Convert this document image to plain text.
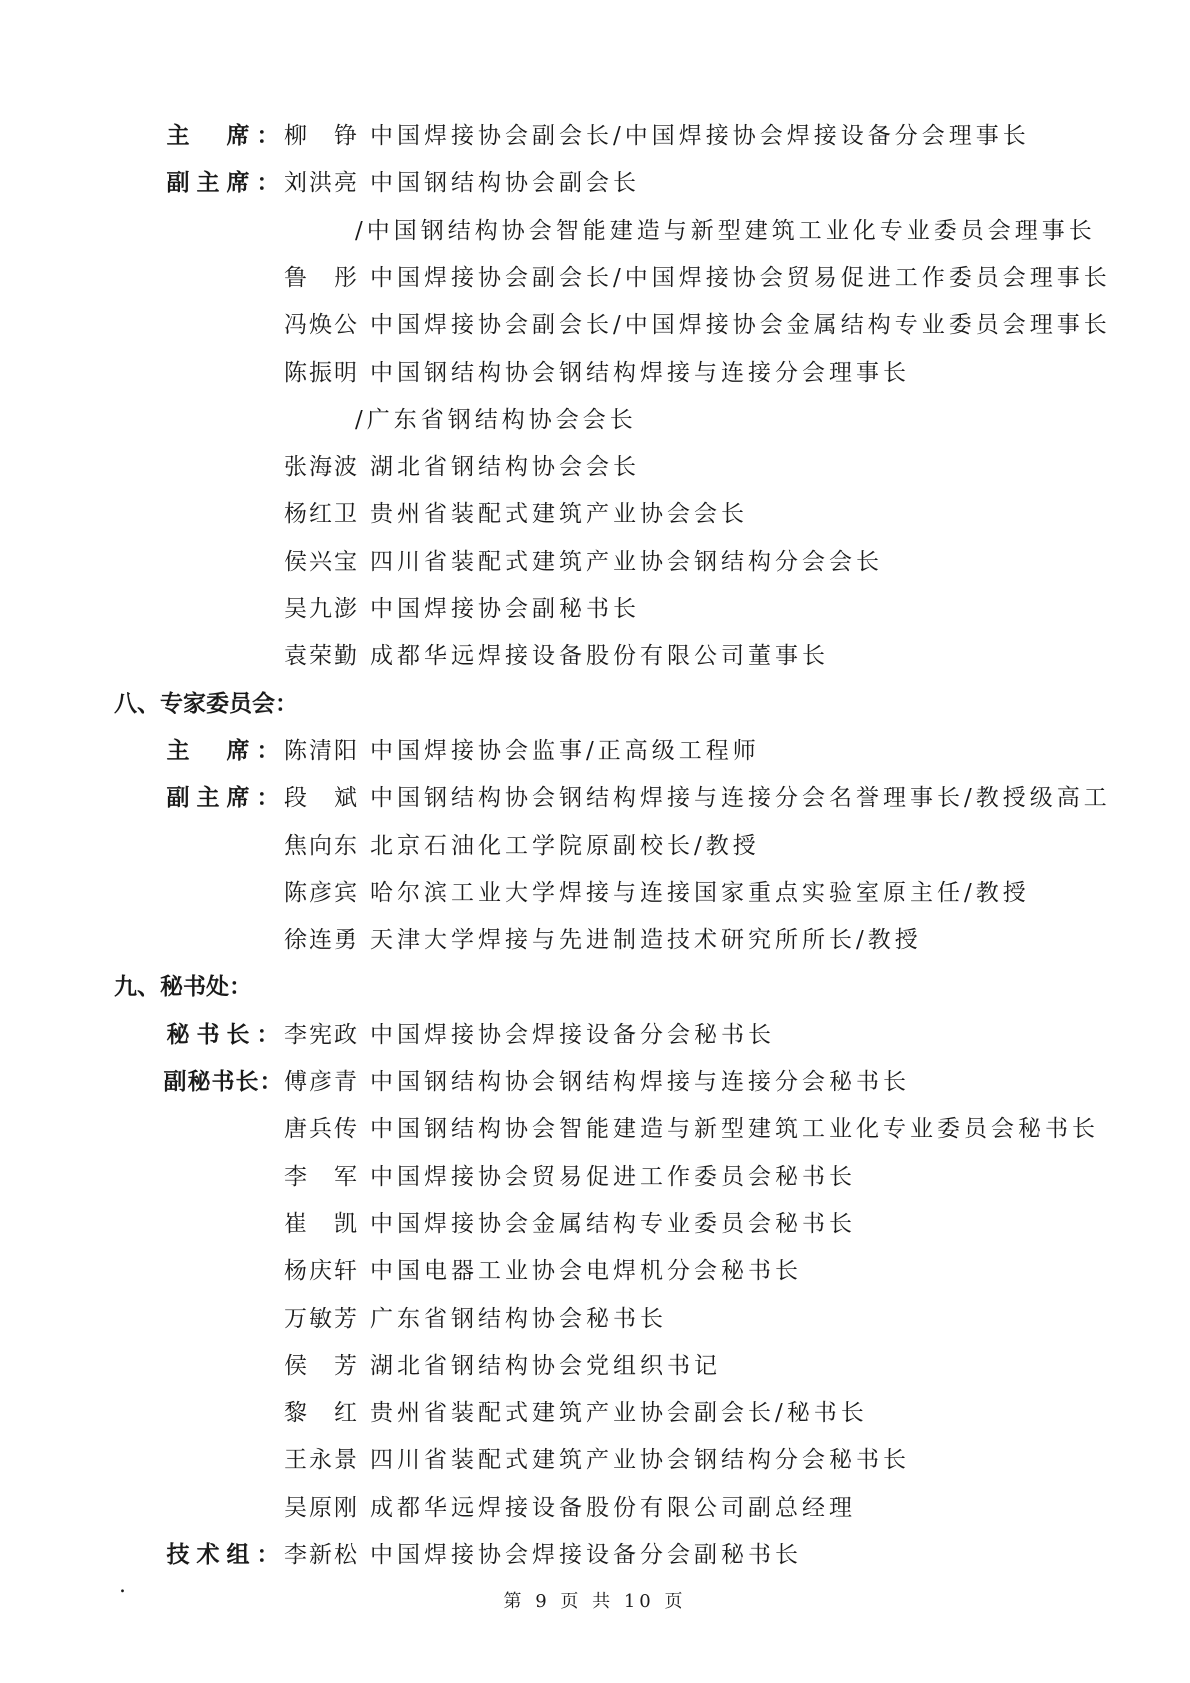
主 席 ： 柳　铮 中国焊接协会副会长/中国焊接协会焊接设备分会理事长
副 主 席 ： 刘洪亮 中国钢结构协会副会长
/中国钢结构协会智能建造与新型建筑工业化专业委员会理事长
鲁　彤 中国焊接协会副会长/中国焊接协会贸易促进工作委员会理事长
冯焕公 中国焊接协会副会长/中国焊接协会金属结构专业委员会理事长
陈振明 中国钢结构协会钢结构焊接与连接分会理事长
/广东省钢结构协会会长
张海波 湖北省钢结构协会会长
杨红卫 贵州省装配式建筑产业协会会长
侯兴宝 四川省装配式建筑产业协会钢结构分会会长
吴九澎 中国焊接协会副秘书长
袁荣勤 成都华远焊接设备股份有限公司董事长
八、专家委员会：
主 席 ： 陈清阳 中国焊接协会监事/正高级工程师
副 主 席 ： 段　斌 中国钢结构协会钢结构焊接与连接分会名誉理事长/教授级高工
焦向东 北京石油化工学院原副校长/教授
陈彦宾 哈尔滨工业大学焊接与连接国家重点实验室原主任/教授
徐连勇 天津大学焊接与先进制造技术研究所所长/教授
九、秘书处：
秘 书 长 ： 李宪政 中国焊接协会焊接设备分会秘书长
副秘书长： 傅彦青 中国钢结构协会钢结构焊接与连接分会秘书长
唐兵传 中国钢结构协会智能建造与新型建筑工业化专业委员会秘书长
李　军 中国焊接协会贸易促进工作委员会秘书长
崔　凯 中国焊接协会金属结构专业委员会秘书长
杨庆轩 中国电器工业协会电焊机分会秘书长
万敏芳 广东省钢结构协会秘书长
侯　芳 湖北省钢结构协会党组织书记
黎　红 贵州省装配式建筑产业协会副会长/秘书长
王永景 四川省装配式建筑产业协会钢结构分会秘书长
吴原刚 成都华远焊接设备股份有限公司副总经理
技 术 组 ： 李新松 中国焊接协会焊接设备分会副秘书长
.
第 9 页 共 10 页
